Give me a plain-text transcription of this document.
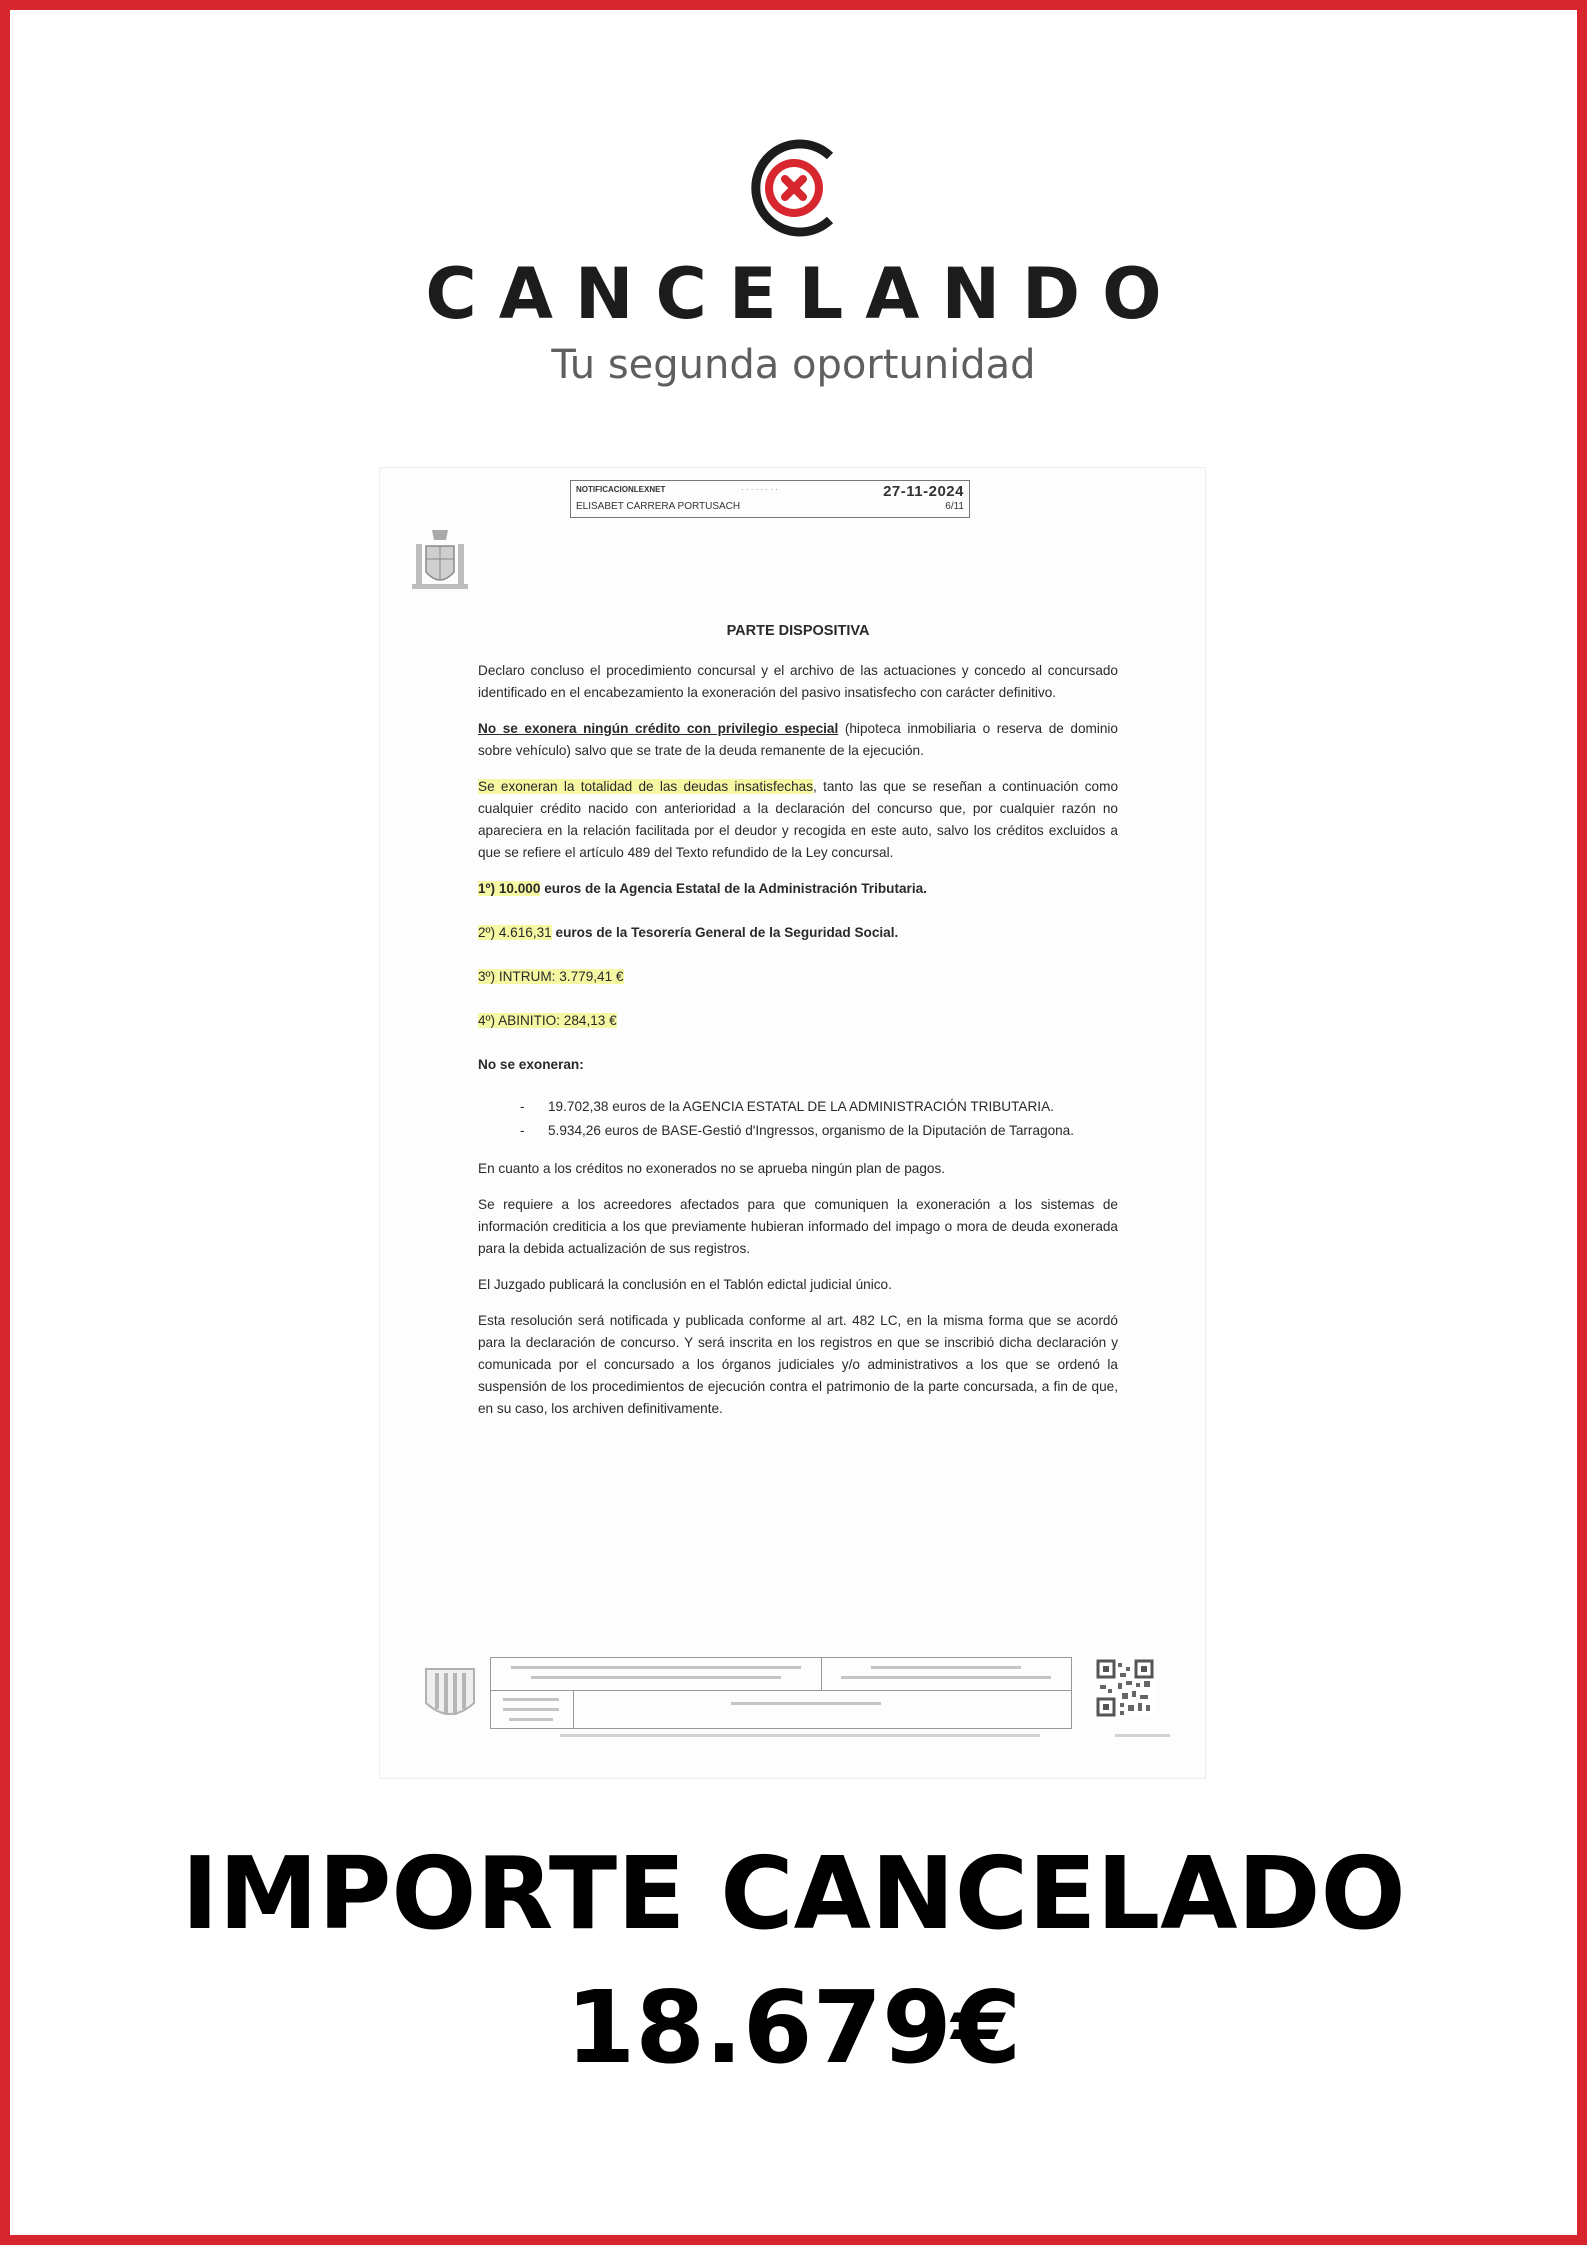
CANCELANDO
Tu segunda oportunidad
NOTIFICACIONLEXNET	· · · · · · · ·	27-11-2024
ELISABET CARRERA PORTUSACH	6/11

PARTE DISPOSITIVA

Declaro concluso el procedimiento concursal y el archivo de las actuaciones y concedo al concursado identificado en el encabezamiento la exoneración del pasivo insatisfecho con carácter definitivo.

No se exonera ningún crédito con privilegio especial (hipoteca inmobiliaria o reserva de dominio sobre vehículo) salvo que se trate de la deuda remanente de la ejecución.

Se exoneran la totalidad de las deudas insatisfechas, tanto las que se reseñan a continuación como cualquier crédito nacido con anterioridad a la declaración del concurso que, por cualquier razón no apareciera en la relación facilitada por el deudor y recogida en este auto, salvo los créditos excluidos a que se refiere el artículo 489 del Texto refundido de la Ley concursal.

1º) 10.000 euros de la Agencia Estatal de la Administración Tributaria.

2º) 4.616,31 euros de la Tesorería General de la Seguridad Social.

3º) INTRUM: 3.779,41 €

4º) ABINITIO: 284,13 €

No se exoneran:

- 19.702,38 euros de la AGENCIA ESTATAL DE LA ADMINISTRACIÓN TRIBUTARIA.
- 5.934,26 euros de BASE-Gestió d'Ingressos, organismo de la Diputación de Tarragona.

En cuanto a los créditos no exonerados no se aprueba ningún plan de pagos.

Se requiere a los acreedores afectados para que comuniquen la exoneración a los sistemas de información crediticia a los que previamente hubieran informado del impago o mora de deuda exonerada para la debida actualización de sus registros.

El Juzgado publicará la conclusión en el Tablón edictal judicial único.

Esta resolución será notificada y publicada conforme al art. 482 LC, en la misma forma que se acordó para la declaración de concurso. Y será inscrita en los registros en que se inscribió dicha declaración y comunicada por el concursado a los órganos judiciales y/o administrativos a los que se ordenó la suspensión de los procedimientos de ejecución contra el patrimonio de la parte concursada, a fin de que, en su caso, los archiven definitivamente.

IMPORTE CANCELADO
18.679€
